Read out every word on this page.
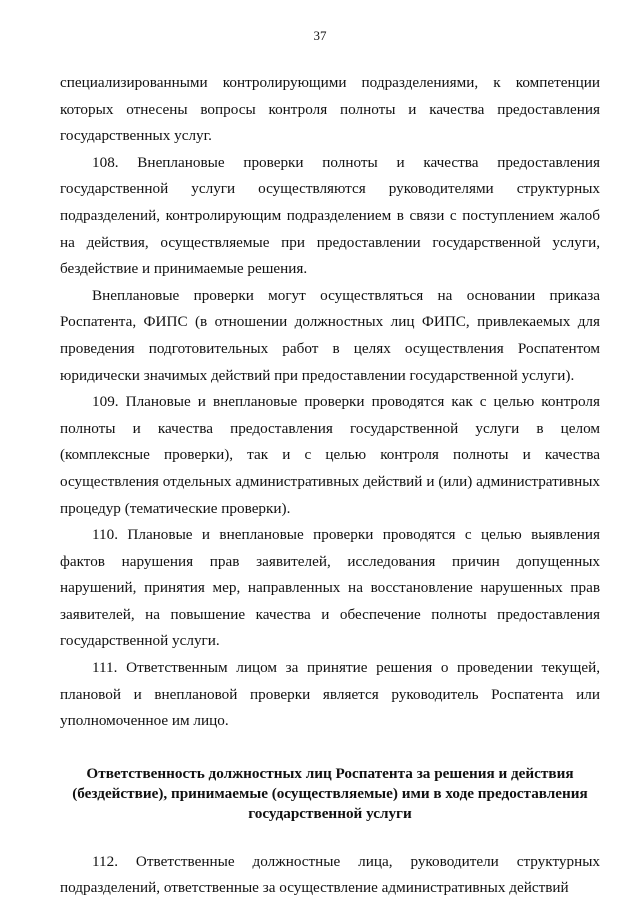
37

специализированными контролирующими подразделениями, к компетенции которых отнесены вопросы контроля полноты и качества предоставления государственных услуг.

108. Внеплановые проверки полноты и качества предоставления государственной услуги осуществляются руководителями структурных подразделений, контролирующим подразделением в связи с поступлением жалоб на действия, осуществляемые при предоставлении государственной услуги, бездействие и принимаемые решения.

Внеплановые проверки могут осуществляться на основании приказа Роспатента, ФИПС (в отношении должностных лиц ФИПС, привлекаемых для проведения подготовительных работ в целях осуществления Роспатентом юридически значимых действий при предоставлении государственной услуги).

109. Плановые и внеплановые проверки проводятся как с целью контроля полноты и качества предоставления государственной услуги в целом (комплексные проверки), так и с целью контроля полноты и качества осуществления отдельных административных действий и (или) административных процедур (тематические проверки).

110. Плановые и внеплановые проверки проводятся с целью выявления фактов нарушения прав заявителей, исследования причин допущенных нарушений, принятия мер, направленных на восстановление нарушенных прав заявителей, на повышение качества и обеспечение полноты предоставления государственной услуги.

111. Ответственным лицом за принятие решения о проведении текущей, плановой и внеплановой проверки является руководитель Роспатента или уполномоченное им лицо.

Ответственность должностных лиц Роспатента за решения и действия
(бездействие), принимаемые (осуществляемые) ими в ходе предоставления
государственной услуги

112. Ответственные должностные лица, руководители структурных подразделений, ответственные за осуществление административных действий
